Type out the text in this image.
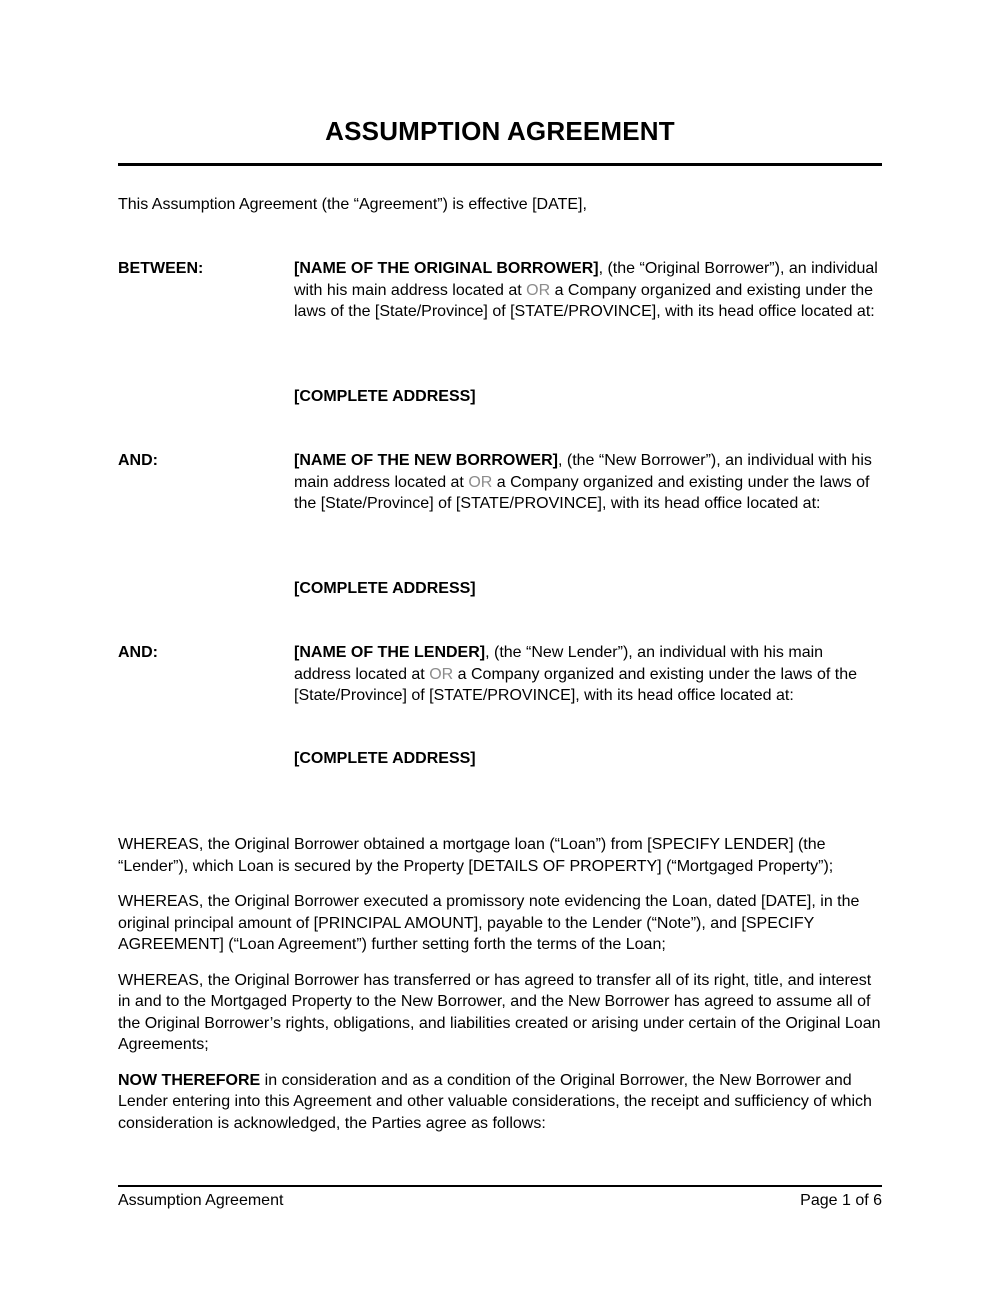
ASSUMPTION AGREEMENT
This Assumption Agreement (the “Agreement”) is effective [DATE],
BETWEEN:	[NAME OF THE ORIGINAL BORROWER], (the “Original Borrower”), an individual with his main address located at OR a Company organized and existing under the laws of the [State/Province] of [STATE/PROVINCE], with its head office located at:
[COMPLETE ADDRESS]
AND:	[NAME OF THE NEW BORROWER], (the “New Borrower”), an individual with his main address located at OR a Company organized and existing under the laws of the [State/Province] of [STATE/PROVINCE], with its head office located at:
[COMPLETE ADDRESS]
AND:	[NAME OF THE LENDER], (the “New Lender”), an individual with his main address located at OR a Company organized and existing under the laws of the [State/Province] of [STATE/PROVINCE], with its head office located at:
[COMPLETE ADDRESS]

WHEREAS, the Original Borrower obtained a mortgage loan (“Loan”) from [SPECIFY LENDER] (the “Lender”), which Loan is secured by the Property [DETAILS OF PROPERTY] (“Mortgaged Property”);

WHEREAS, the Original Borrower executed a promissory note evidencing the Loan, dated [DATE], in the original principal amount of [PRINCIPAL AMOUNT], payable to the Lender (“Note”), and [SPECIFY AGREEMENT] (“Loan Agreement”) further setting forth the terms of the Loan;

WHEREAS, the Original Borrower has transferred or has agreed to transfer all of its right, title, and interest in and to the Mortgaged Property to the New Borrower, and the New Borrower has agreed to assume all of the Original Borrower’s rights, obligations, and liabilities created or arising under certain of the Original Loan Agreements;

NOW THEREFORE in consideration and as a condition of the Original Borrower, the New Borrower and Lender entering into this Agreement and other valuable considerations, the receipt and sufficiency of which consideration is acknowledged, the Parties agree as follows:

Assumption Agreement	Page 1 of 6
